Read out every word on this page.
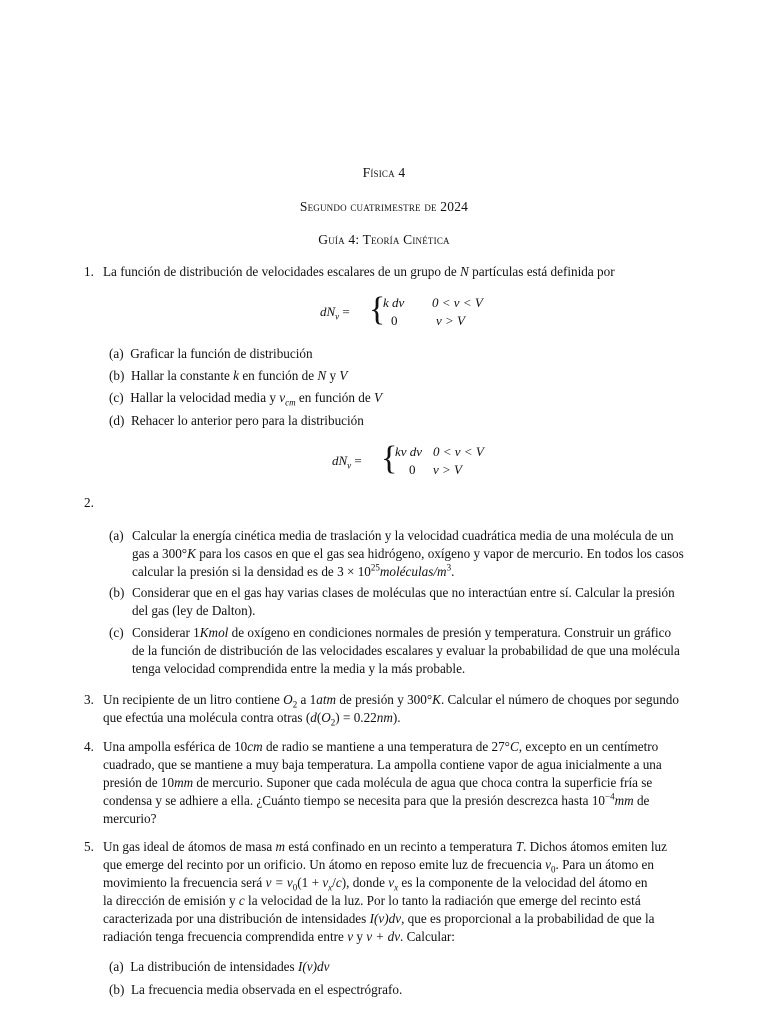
Física 4
Segundo cuatrimestre de 2024
Guía 4: Teoría Cinética
1. La función de distribución de velocidades escalares de un grupo de N partículas está definida por
$dN_v$ = {
k dv 0 < v < V
0	v > V
(a) Graficar la función de distribución
(b) Hallar la constante k en función de N y V
(c) Hallar la velocidad media y $v_{cm}$ en función de V
(d) Rehacer lo anterior pero para la distribución
$dN_v$ = {
kv dv 0 < v < V
0 v > V
2.
(a) Calcular la energía cinética media de traslación y la velocidad cuadrática media de una molécula de un
gas a 300°K para los casos en que el gas sea hidrógeno, oxígeno y vapor de mercurio. En todos los casos
calcular la presión si la densidad es de $3 \times 10^{25}moléculas/m^3$.
(b) Considerar que en el gas hay varias clases de moléculas que no interactúan entre sí. Calcular la presión
del gas (ley de Dalton).
(c) Considerar 1Kmol de oxígeno en condiciones normales de presión y temperatura. Construir un gráfico
de la función de distribución de las velocidades escalares y evaluar la probabilidad de que una molécula
tenga velocidad comprendida entre la media y la más probable.
3. Un recipiente de un litro contiene $O_2$ a 1atm de presión y 300°K. Calcular el número de choques por segundo
que efectúa una molécula contra otras $(d(O_2) = 0.22nm)$.
4. Una ampolla esférica de 10cm de radio se mantiene a una temperatura de 27°C, excepto en un centímetro
cuadrado, que se mantiene a muy baja temperatura. La ampolla contiene vapor de agua inicialmente a una
presión de 10mm de mercurio. Suponer que cada molécula de agua que choca contra la superficie fría se
condensa y se adhiere a ella. ¿Cuánto tiempo se necesita para que la presión descrezca hasta $10^{-4}mm$ de
mercurio?
5. Un gas ideal de átomos de masa m está confinado en un recinto a temperatura T. Dichos átomos emiten luz
que emerge del recinto por un orificio. Un átomo en reposo emite luz de frecuencia $\nu_0$. Para un átomo en
movimiento la frecuencia será $\nu = \nu_0(1 + v_x/c)$, donde $v_x$ es la componente de la velocidad del átomo en
la dirección de emisión y c la velocidad de la luz. Por lo tanto la radiación que emerge del recinto está
caracterizada por una distribución de intensidades I(ν)dν, que es proporcional a la probabilidad de que la
radiación tenga frecuencia comprendida entre ν y ν + dν. Calcular:
(a) La distribución de intensidades I(ν)dν
(b) La frecuencia media observada en el espectrógrafo.
